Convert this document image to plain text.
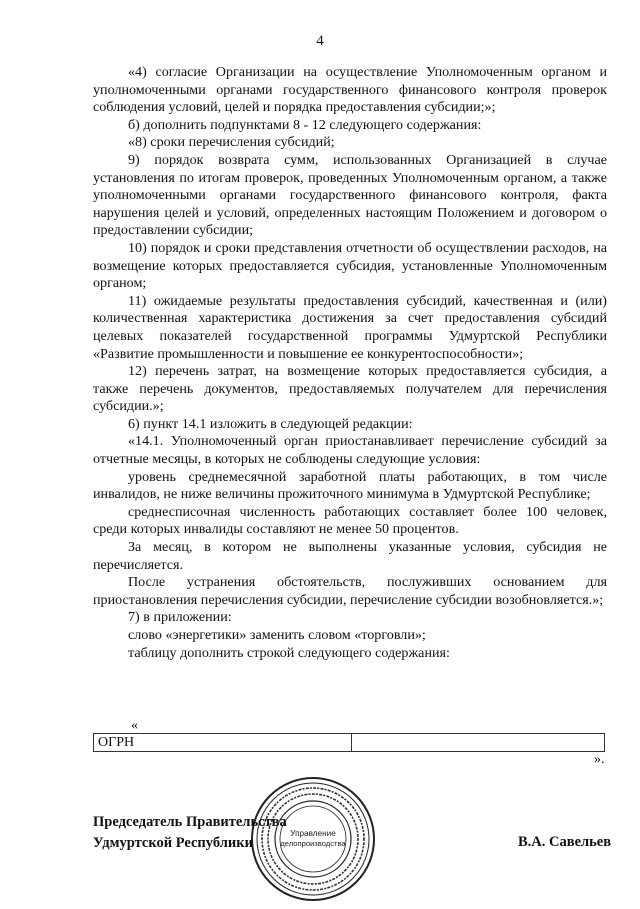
4

«4) согласие Организации на осуществление Уполномоченным органом и уполномоченными органами государственного финансового контроля проверок соблюдения условий, целей и порядка предоставления субсидии;»;

б) дополнить подпунктами 8 - 12 следующего содержания:

«8) сроки перечисления субсидий;

9) порядок возврата сумм, использованных Организацией в случае установления по итогам проверок, проведенных Уполномоченным органом, а также уполномоченными органами государственного финансового контроля, факта нарушения целей и условий, определенных настоящим Положением и договором о предоставлении субсидии;

10) порядок и сроки представления отчетности об осуществлении расходов, на возмещение которых предоставляется субсидия, установленные Уполномоченным органом;

11) ожидаемые результаты предоставления субсидий, качественная и (или) количественная характеристика достижения за счет предоставления субсидий целевых показателей государственной программы Удмуртской Республики «Развитие промышленности и повышение ее конкурентоспособности»;

12) перечень затрат, на возмещение которых предоставляется субсидия, а также перечень документов, предоставляемых получателем для перечисления субсидии.»;

6) пункт 14.1 изложить в следующей редакции:

«14.1. Уполномоченный орган приостанавливает перечисление субсидий за отчетные месяцы, в которых не соблюдены следующие условия:

уровень среднемесячной заработной платы работающих, в том числе инвалидов, не ниже величины прожиточного минимума в Удмуртской Республике;

среднесписочная численность работающих составляет более 100 человек, среди которых инвалиды составляют не менее 50 процентов.

За месяц, в котором не выполнены указанные условия, субсидия не перечисляется.

После устранения обстоятельств, послуживших основанием для приостановления перечисления субсидии, перечисление субсидии возобновляется.»;

7) в приложении:

слово «энергетики» заменить словом «торговли»;

таблицу дополнить строкой следующего содержания:

«
ОГРН
».
Управление
делопроизводства
Председатель Правительства
Удмуртской Республики	В.А. Савельев
